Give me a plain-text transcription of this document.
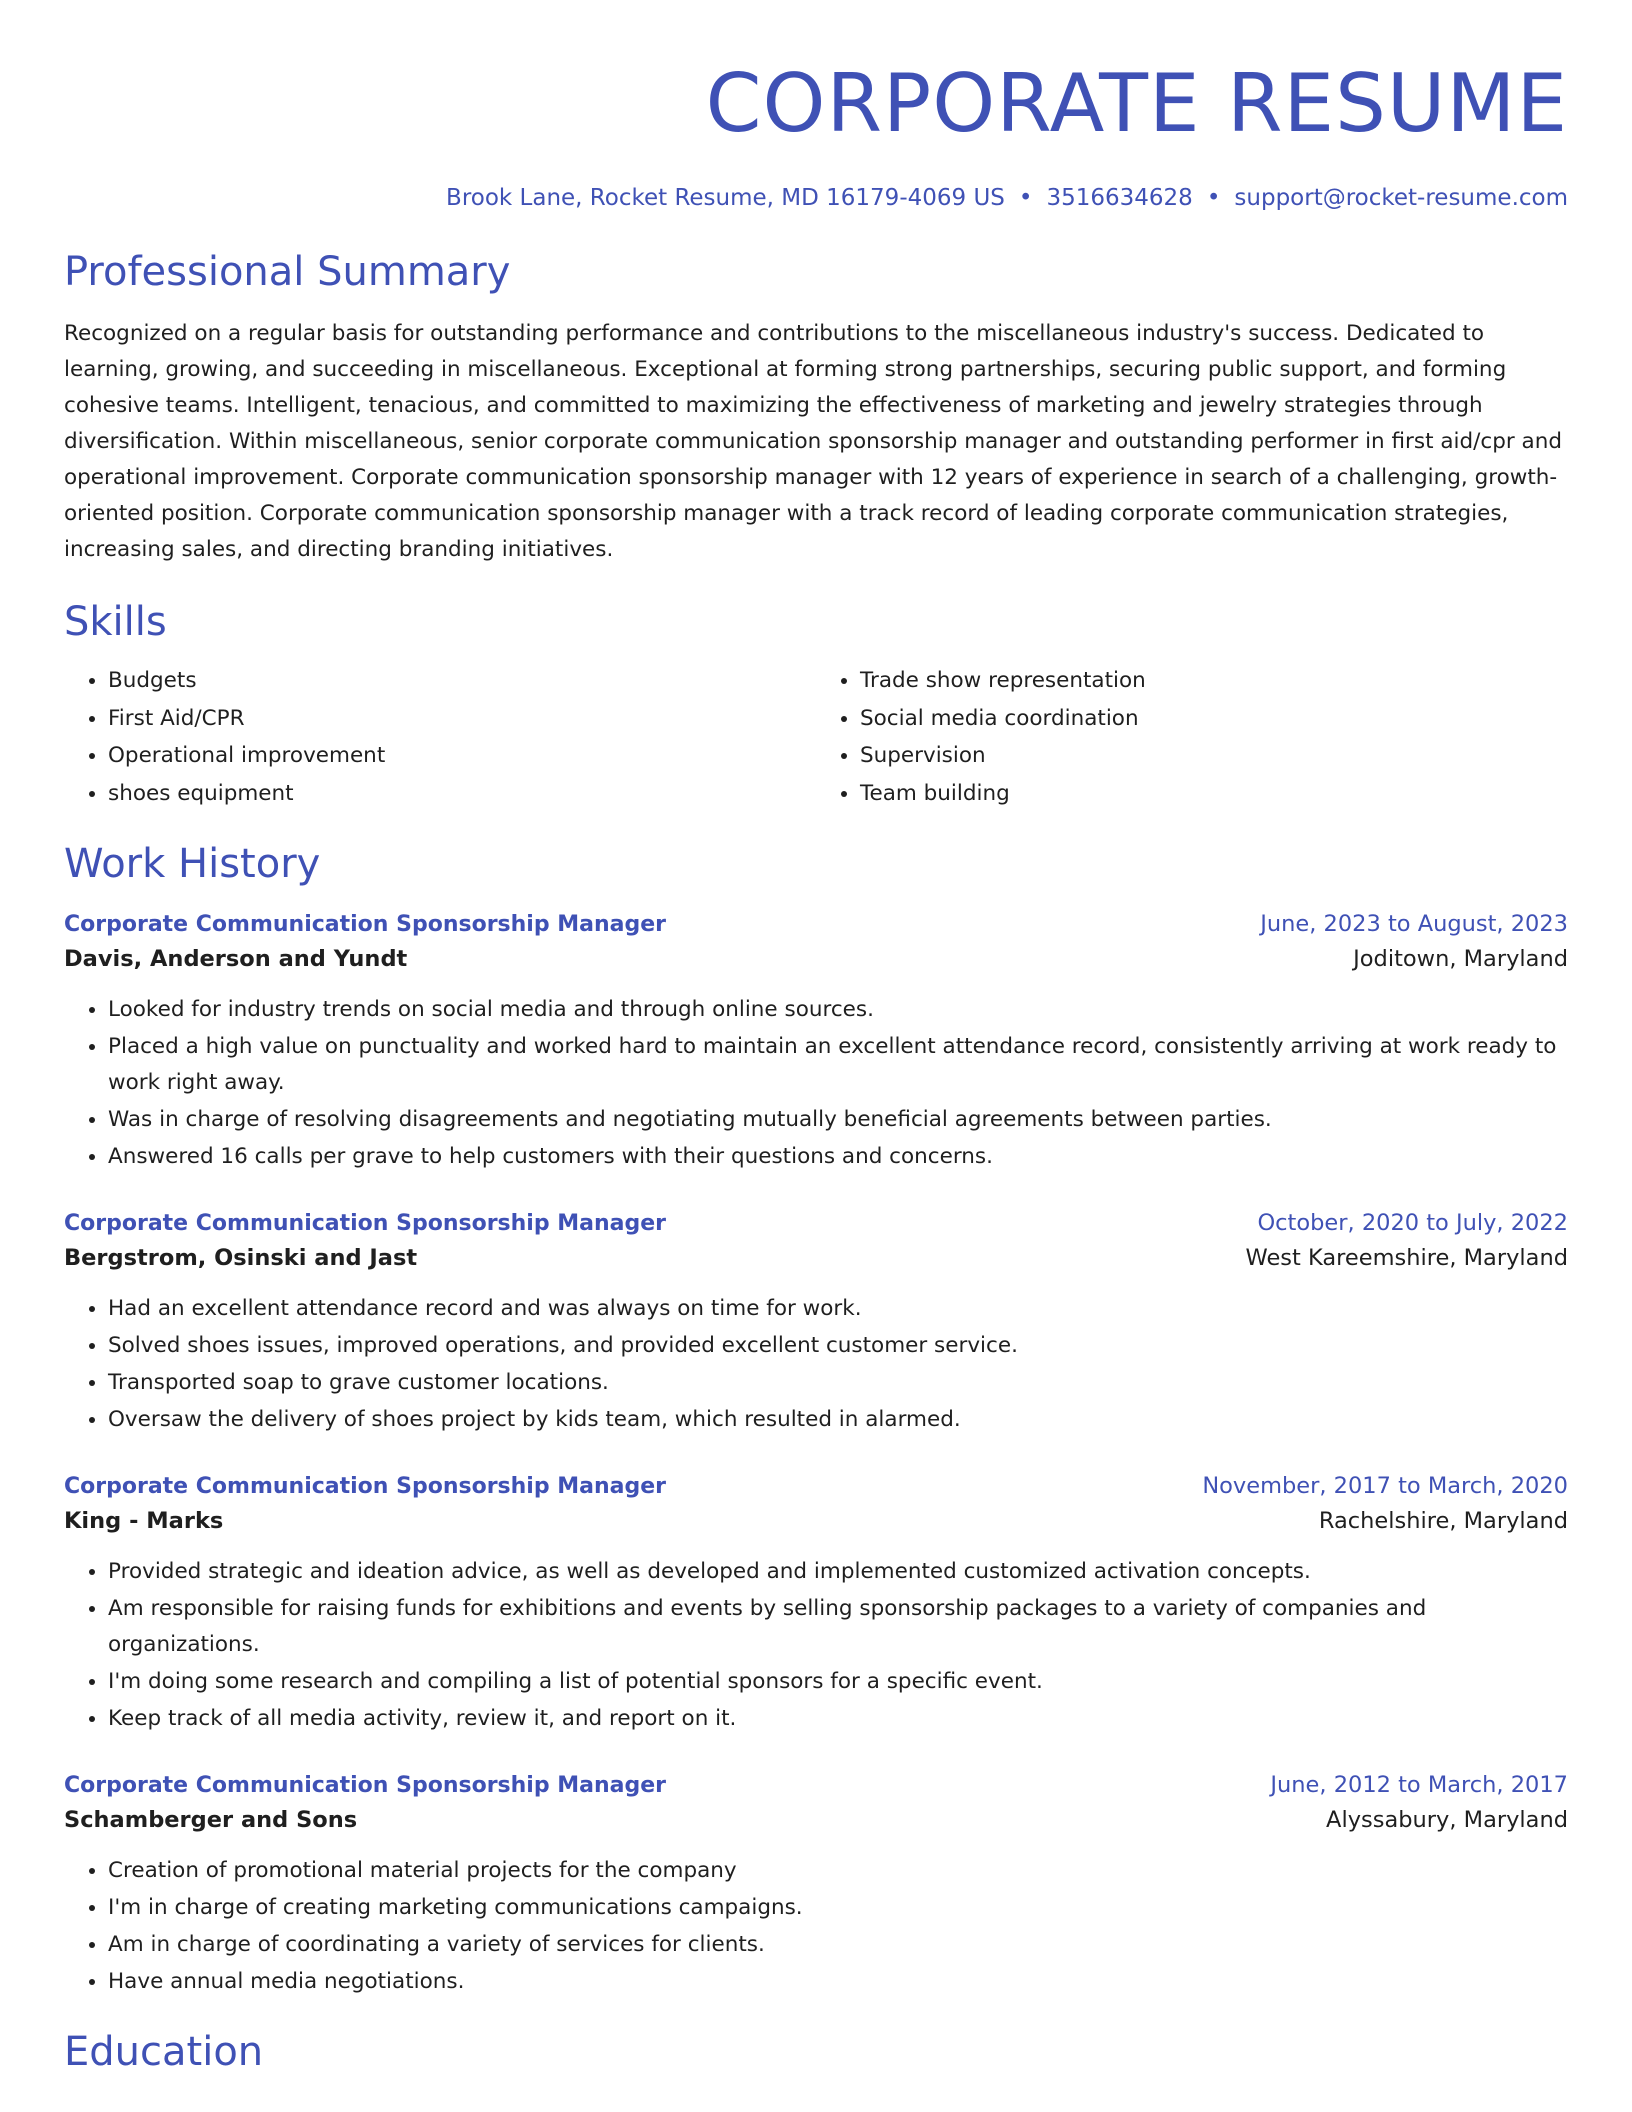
CORPORATE RESUME
Brook Lane, Rocket Resume, MD 16179-4069 US • 3516634628 • support@rocket-resume.com
Professional Summary
Recognized on a regular basis for outstanding performance and contributions to the miscellaneous industry's success. Dedicated to learning, growing, and succeeding in miscellaneous. Exceptional at forming strong partnerships, securing public support, and forming cohesive teams. Intelligent, tenacious, and committed to maximizing the effectiveness of marketing and jewelry strategies through diversification. Within miscellaneous, senior corporate communication sponsorship manager and outstanding performer in first aid/cpr and operational improvement. Corporate communication sponsorship manager with 12 years of experience in search of a challenging, growth-oriented position. Corporate communication sponsorship manager with a track record of leading corporate communication strategies, increasing sales, and directing branding initiatives.
Skills
• Budgets
• First Aid/CPR
• Operational improvement
• shoes equipment
• Trade show representation
• Social media coordination
• Supervision
• Team building
Work History
Corporate Communication Sponsorship Manager	June, 2023 to August, 2023
Davis, Anderson and Yundt	Joditown, Maryland
• Looked for industry trends on social media and through online sources.
• Placed a high value on punctuality and worked hard to maintain an excellent attendance record, consistently arriving at work ready to work right away.
• Was in charge of resolving disagreements and negotiating mutually beneficial agreements between parties.
• Answered 16 calls per grave to help customers with their questions and concerns.
Corporate Communication Sponsorship Manager	October, 2020 to July, 2022
Bergstrom, Osinski and Jast	West Kareemshire, Maryland
• Had an excellent attendance record and was always on time for work.
• Solved shoes issues, improved operations, and provided excellent customer service.
• Transported soap to grave customer locations.
• Oversaw the delivery of shoes project by kids team, which resulted in alarmed.
Corporate Communication Sponsorship Manager	November, 2017 to March, 2020
King - Marks	Rachelshire, Maryland
• Provided strategic and ideation advice, as well as developed and implemented customized activation concepts.
• Am responsible for raising funds for exhibitions and events by selling sponsorship packages to a variety of companies and organizations.
• I'm doing some research and compiling a list of potential sponsors for a specific event.
• Keep track of all media activity, review it, and report on it.
Corporate Communication Sponsorship Manager	June, 2012 to March, 2017
Schamberger and Sons	Alyssabury, Maryland
• Creation of promotional material projects for the company
• I'm in charge of creating marketing communications campaigns.
• Am in charge of coordinating a variety of services for clients.
• Have annual media negotiations.
Education
